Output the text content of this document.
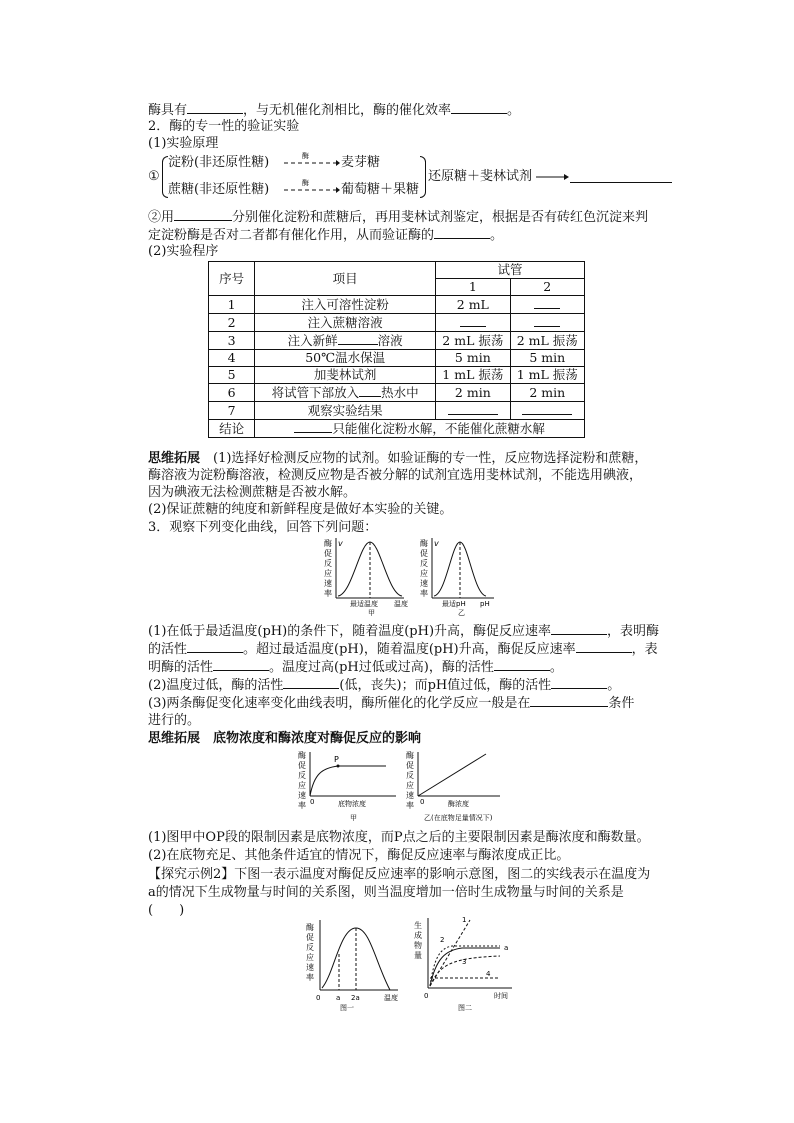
酶具有	，与无机催化剂相比，酶的催化效率	。
2．酶的专一性的验证实验
(1)实验原理
①
淀粉(非还原性糖)
蔗糖(非还原性糖)
酶
酶
麦芽糖
葡萄糖＋果糖
还原糖＋斐林试剂
②用	分别催化淀粉和蔗糖后，再用斐林试剂鉴定，根据是否有砖红色沉淀来判
定淀粉酶是否对二者都有催化作用，从而验证酶的	。
(2)实验程序
序号	项目	试管	
		1	2
1	注入可溶性淀粉	2 mL	
2	注入蔗糖溶液		
3	注入新鲜 溶液	2 mL 振荡	2 mL 振荡
4	50℃温水保温	5 min	5 min
5	加斐林试剂	1 mL 振荡	1 mL 振荡
6	将试管下部放入 热水中	2 min	2 min
7	观察实验结果		
结论	只能催化淀粉水解，不能催化蔗糖水解		
思维拓展　(1)选择好检测反应物的试剂。如验证酶的专一性，反应物选择淀粉和蔗糖，
酶溶液为淀粉酶溶液，检测反应物是否被分解的试剂宜选用斐林试剂，不能选用碘液，
因为碘液无法检测蔗糖是否被水解。
(2)保证蔗糖的纯度和新鲜程度是做好本实验的关键。
3．观察下列变化曲线，回答下列问题：
酶
促
反
应
速
率
v
最适温度 温度
甲
酶
促
反
应
速
率
v
最适pH pH
乙
(1)在低于最适温度(pH)的条件下，随着温度(pH)升高，酶促反应速率	，表明酶
的活性	。超过最适温度(pH)，随着温度(pH)升高，酶促反应速率	，表
明酶的活性	。温度过高(pH过低或过高)，酶的活性	。
(2)温度过低，酶的活性	(低，丧失)；而pH值过低，酶的活性	。
(3)两条酶促变化速率变化曲线表明，酶所催化的化学反应一般是在	条件
进行的。
思维拓展　底物浓度和酶浓度对酶促反应的影响
酶
促
反
应
速
率 0
P
底物浓度
甲
酶
促
反
应
速
率 0	酶浓度
乙(在底物足量情况下)
(1)图甲中OP段的限制因素是底物浓度，而P点之后的主要限制因素是酶浓度和酶数量。
(2)在底物充足、其他条件适宜的情况下，酶促反应速率与酶浓度成正比。
【探究示例2】下图一表示温度对酶促反应速率的影响示意图，图二的实线表示在温度为
a的情况下生成物量与时间的关系图，则当温度增加一倍时生成物量与时间的关系是
(　　)
酶
促
反
应
速
率
0 a 2a	温度
图一
生
成
物
量
1
2
3
4
a
0	时间
图二
